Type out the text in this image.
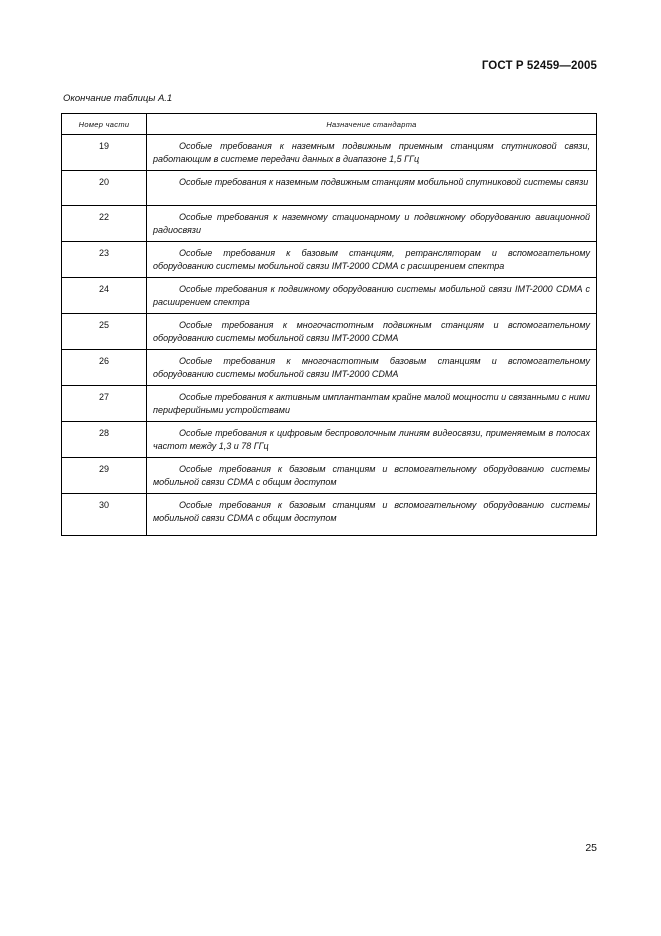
ГОСТ Р 52459—2005
Окончание таблицы А.1
Номер части	Назначение стандарта
19	Особые требования к наземным подвижным приемным станциям спутниковой связи, работающим в системе передачи данных в диапазоне 1,5 ГГц
20	Особые требования к наземным подвижным станциям мобильной спутниковой системы связи
22	Особые требования к наземному стационарному и подвижному оборудованию авиационной радиосвязи
23	Особые требования к базовым станциям, ретрансляторам и вспомогательному оборудованию системы мобильной связи IMT-2000 CDMA с расширением спектра
24	Особые требования к подвижному оборудованию системы мобильной связи IMT-2000 CDMA с расширением спектра
25	Особые требования к многочастотным подвижным станциям и вспомогательному оборудованию системы мобильной связи IMT-2000 CDMA
26	Особые требования к многочастотным базовым станциям и вспомогательному оборудованию системы мобильной связи IMT-2000 CDMA
27	Особые требования к активным имплантантам крайне малой мощности и связанными с ними периферийными устройствами
28	Особые требования к цифровым беспроволочным линиям видеосвязи, применяемым в полосах частот между 1,3 и 78 ГГц
29	Особые требования к базовым станциям и вспомогательному оборудованию системы мобильной связи CDMA с общим доступом
30	Особые требования к базовым станциям и вспомогательному оборудованию системы мобильной связи CDMA с общим доступом
25
